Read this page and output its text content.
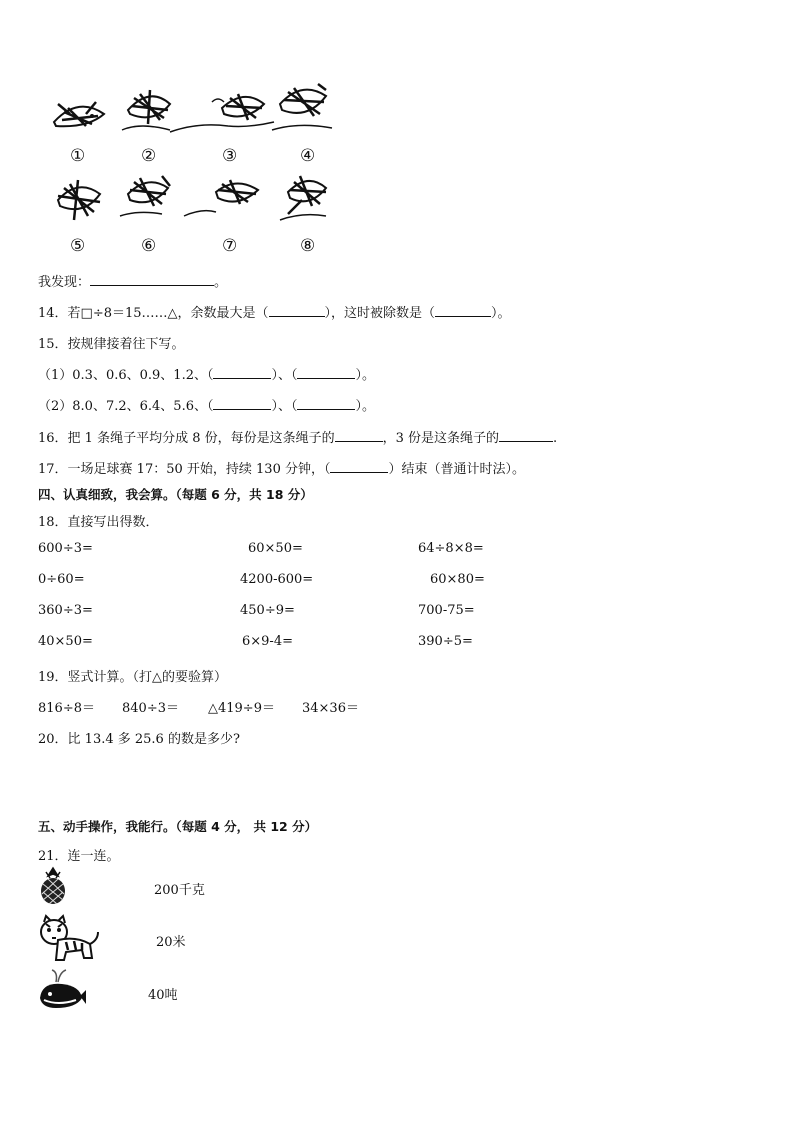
①	②	③	④
⑤	⑥	⑦	⑧
我发现：	。
14．若□÷8＝15……△，余数最大是（	），这时被除数是（	）。
15．按规律接着往下写。
（1）0.3、0.6、0.9、1.2、（	）、（	）。
（2）8.0、7.2、6.4、5.6、（	）、（	）。
16．把 1 条绳子平均分成 8 份，每份是这条绳子的	，3 份是这条绳子的	.
17．一场足球赛 17：50 开始，持续 130 分钟，（	）结束（普通计时法）。
四、认真细致，我会算。（每题 6 分，共 18 分）
18．直接写出得数．
600÷3=	60×50=	64÷8×8=
0÷60=	4200-600=	60×80=
360÷3=	450÷9=	700-75=
40×50=	6×9-4=	390÷5=
19．竖式计算。（打△的要验算）
816÷8＝ 840÷3＝ △419÷9＝ 34×36＝
20．比 13.4 多 25.6 的数是多少?
五、动手操作，我能行。（每题 4 分， 共 12 分）
21．连一连。
200千克
20米
40吨
